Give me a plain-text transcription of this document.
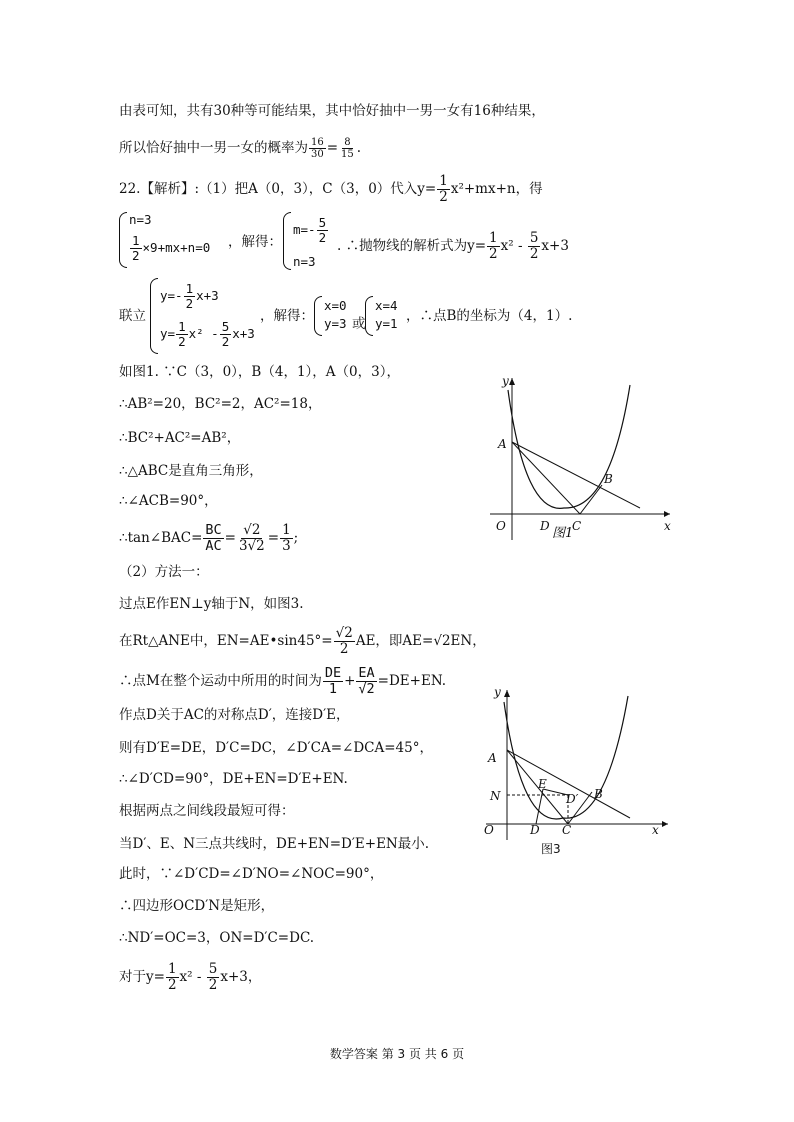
由表可知，共有30种等可能结果，其中恰好抽中一男一女有16种结果，
所以恰好抽中一男一女的概率为 $\frac{16}{30} = \frac{8}{15}$ .
22.【解析】:（1）把A（0，3），C（3，0）代入$y= \frac{1}{2} x^2+mx+n$，得
n=3
$\frac{1}{2} \times 9+mx+n=0$ ，解得：
$m=- \frac{5}{2}$
n=3
. ∴抛物线的解析式为$y= \frac{1}{2} x^2 - \frac{5}{2} x+3$
联立
$y=- \frac{1}{2} x+3$
$y= \frac{1}{2} x^2 - \frac{5}{2} x+3$
，解得：
x=0
y=3 或
x=4
y=1 ，∴点B的坐标为（4，1）.
如图1. ∵C（3，0），B（4，1），A（0，3），
∴AB²=20，BC²=2，AC²=18，
∴BC²+AC²=AB²，
∴△ABC是直角三角形，
∴∠ACB=90°，
∴tan∠BAC= $\frac{BC}{AC} = \frac{√2}{3√2} = \frac{1}{3}$ ;
（2）方法一：
过点E作EN⊥y轴于N，如图3.
在Rt△ANE中，EN=AE•sin45°= $\frac{√2}{2}$ AE，即AE=√2EN，
∴点M在整个运动中所用的时间为 $\frac{DE}{1} + \frac{EA}{√2} =DE+EN$.
作点D关于AC的对称点D′，连接D′E，
则有D′E=DE，D′C=DC，∠D′CA=∠DCA=45°，
∴∠D′CD=90°，DE+EN=D′E+EN.
根据两点之间线段最短可得：
当D′、E、N三点共线时，DE+EN=D′E+EN最小.
此时，∵∠D′CD=∠D′NO=∠NOC=90°，
∴四边形OCD′N是矩形，
∴ND′=OC=3，ON=D′C=DC.
对于$y= \frac{1}{2} x^2 - \frac{5}{2} x+3$，
y
x
O
A
B
C
D 图1
y
x
O
A
B
C
D
E
N	D′
图3
数学答案 第 3 页 共 6 页
